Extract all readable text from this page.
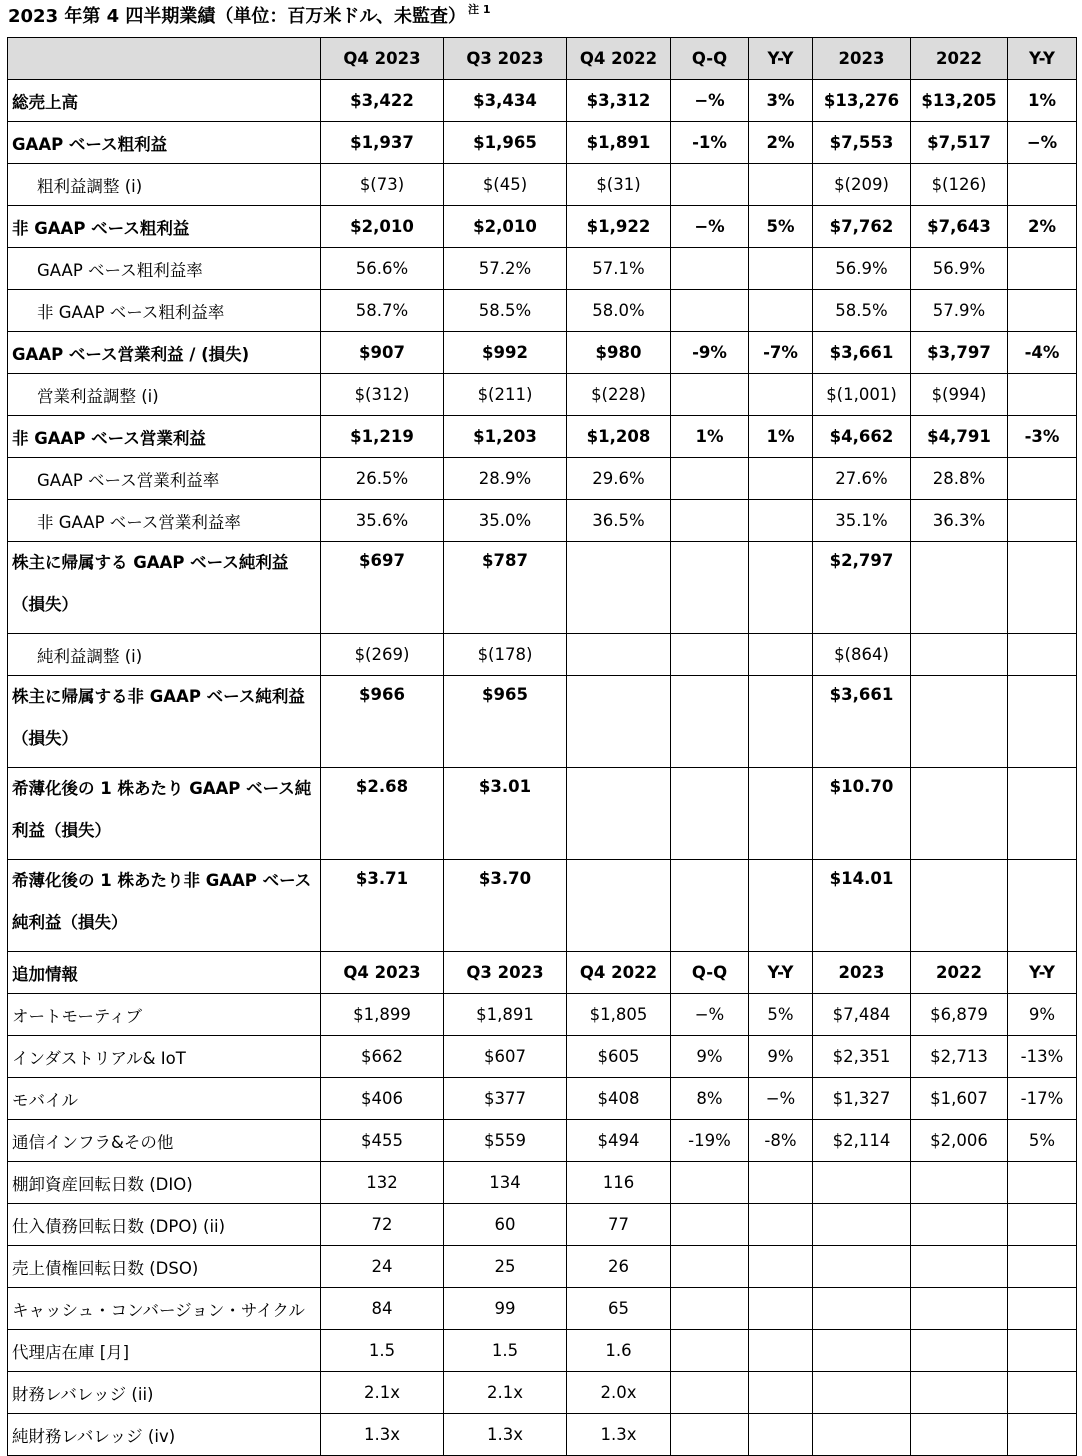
2023 年第 4 四半期業績（単位：百万米ドル、未監査） $^{注 1}$
	Q4 2023	Q3 2023	Q4 2022	Q-Q	Y-Y	2023	2022	Y-Y
総売上高	$3,422	$3,434	$3,312	−%	3%	$13,276	$13,205	1%
GAAP ベース粗利益	$1,937	$1,965	$1,891	-1%	2%	$7,553	$7,517	−%
粗利益調整 (i)	$(73)	$(45)	$(31)			$(209)	$(126)	
非 GAAP ベース粗利益	$2,010	$2,010	$1,922	−%	5%	$7,762	$7,643	2%
GAAP ベース粗利益率	56.6%	57.2%	57.1%			56.9%	56.9%	
非 GAAP ベース粗利益率	58.7%	58.5%	58.0%			58.5%	57.9%	
GAAP ベース営業利益 / (損失)	$907	$992	$980	-9%	-7%	$3,661	$3,797	-4%
営業利益調整 (i)	$(312)	$(211)	$(228)			$(1,001)	$(994)	
非 GAAP ベース営業利益	$1,219	$1,203	$1,208	1%	1%	$4,662	$4,791	-3%
GAAP ベース営業利益率	26.5%	28.9%	29.6%			27.6%	28.8%	
非 GAAP ベース営業利益率	35.6%	35.0%	36.5%			35.1%	36.3%	
株主に帰属する GAAP ベース純利益（損失）	$697	$787				$2,797		
純利益調整 (i)	$(269)	$(178)				$(864)		
株主に帰属する非 GAAP ベース純利益（損失）	$966	$965				$3,661		
希薄化後の 1 株あたり GAAP ベース純利益（損失）	$2.68	$3.01				$10.70		
希薄化後の 1 株あたり非 GAAP ベース純利益（損失）	$3.71	$3.70				$14.01		
追加情報	Q4 2023	Q3 2023	Q4 2022	Q-Q	Y-Y	2023	2022	Y-Y
オートモーティブ	$1,899	$1,891	$1,805	−%	5%	$7,484	$6,879	9%
インダストリアル& IoT	$662	$607	$605	9%	9%	$2,351	$2,713	-13%
モバイル	$406	$377	$408	8%	−%	$1,327	$1,607	-17%
通信インフラ&その他	$455	$559	$494	-19%	-8%	$2,114	$2,006	5%
棚卸資産回転日数 (DIO)	132	134	116					
仕入債務回転日数 (DPO) (ii)	72	60	77					
売上債権回転日数 (DSO)	24	25	26					
キャッシュ・コンバージョン・サイクル	84	99	65					
代理店在庫 [月]	1.5	1.5	1.6					
財務レバレッジ (ii)	2.1x	2.1x	2.0x					
純財務レバレッジ (iv)	1.3x	1.3x	1.3x					
